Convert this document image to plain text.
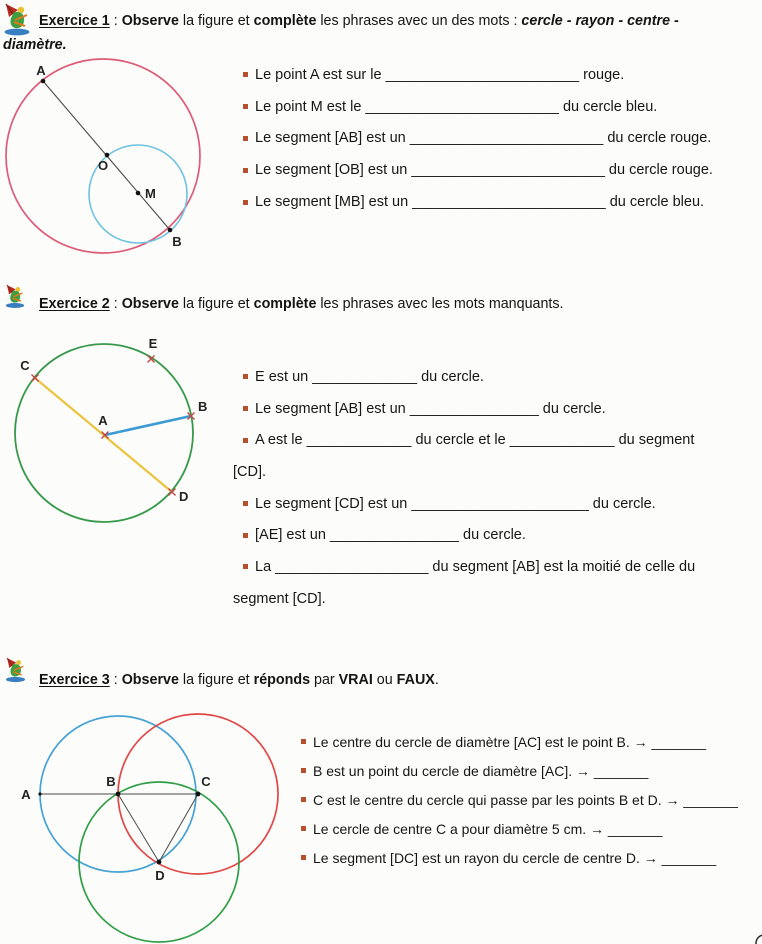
Exercice 1 : Observe la figure et complète les phrases avec un des mots : cercle - rayon - centre -
diamètre.
A
O
M
B
Le point A est sur le ________________________ rouge.
Le point M est le ________________________ du cercle bleu.
Le segment [AB] est un ________________________ du cercle rouge.
Le segment [OB] est un ________________________ du cercle rouge.
Le segment [MB] est un ________________________ du cercle bleu.
Exercice 2 : Observe la figure et complète les phrases avec les mots manquants.
C
E
B
A
D
E est un _____________ du cercle.
Le segment [AB] est un ________________ du cercle.
A est le _____________ du cercle et le _____________ du segment
[CD].
Le segment [CD] est un ______________________ du cercle.
[AE] est un ________________ du cercle.
La ___________________ du segment [AB] est la moitié de celle du
segment [CD].
Exercice 3 : Observe la figure et réponds par VRAI ou FAUX.
A
B	C
D
Le centre du cercle de diamètre [AC] est le point B. → _______
B est un point du cercle de diamètre [AC]. → _______
C est le centre du cercle qui passe par les points B et D. → _______
Le cercle de centre C a pour diamètre 5 cm. → _______
Le segment [DC] est un rayon du cercle de centre D. → _______
